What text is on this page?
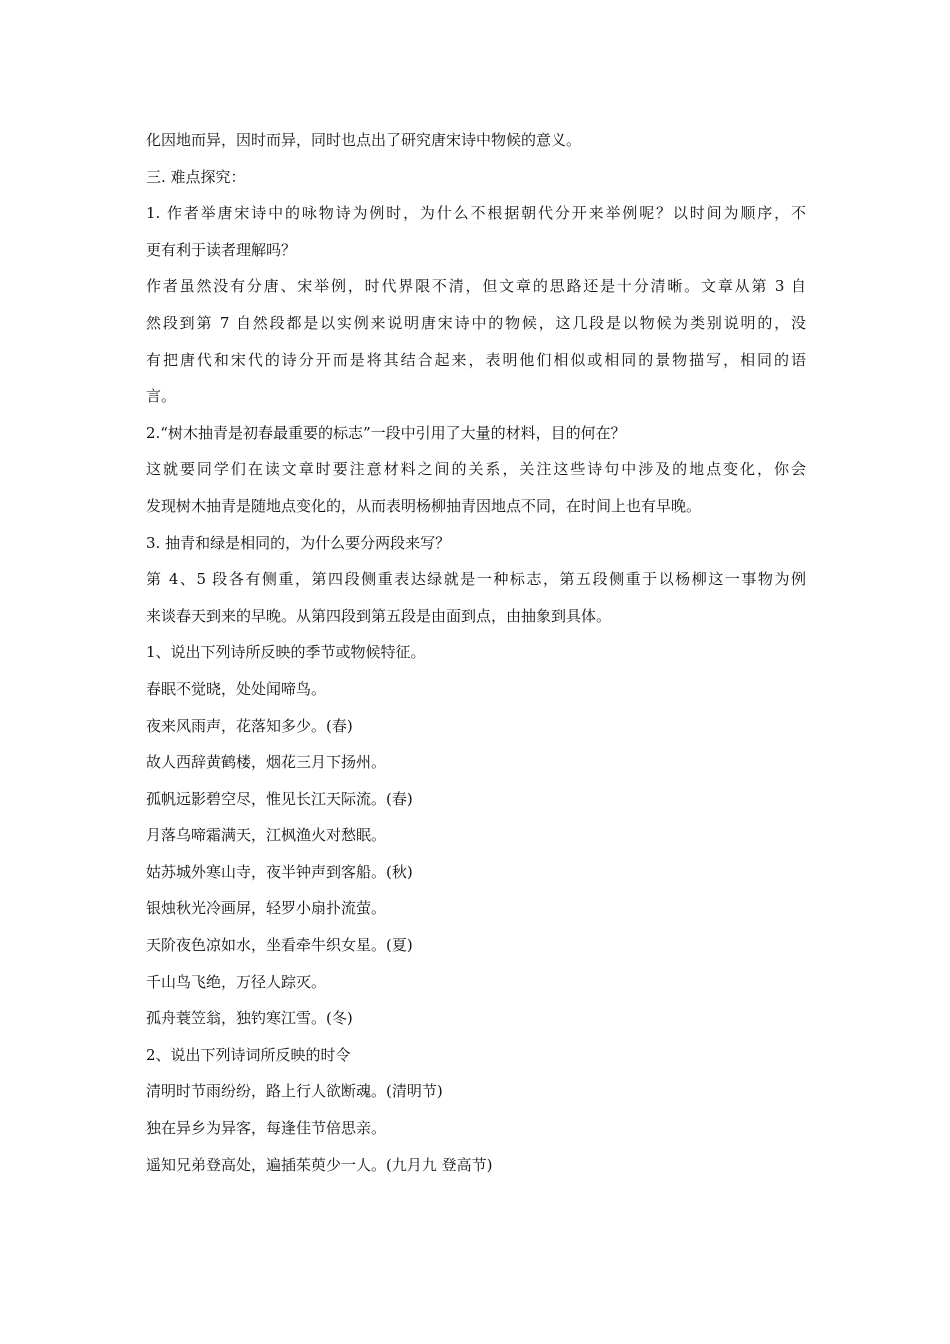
化因地而异，因时而异，同时也点出了研究唐宋诗中物候的意义。
三. 难点探究：
1. 作者举唐宋诗中的咏物诗为例时，为什么不根据朝代分开来举例呢？以时间为顺序，不
更有利于读者理解吗？
作者虽然没有分唐、宋举例，时代界限不清，但文章的思路还是十分清晰。文章从第 3 自
然段到第 7 自然段都是以实例来说明唐宋诗中的物候，这几段是以物候为类别说明的，没
有把唐代和宋代的诗分开而是将其结合起来，表明他们相似或相同的景物描写，相同的语
言。
2.“树木抽青是初春最重要的标志”一段中引用了大量的材料，目的何在？
这就要同学们在读文章时要注意材料之间的关系，关注这些诗句中涉及的地点变化，你会
发现树木抽青是随地点变化的，从而表明杨柳抽青因地点不同，在时间上也有早晚。
3. 抽青和绿是相同的，为什么要分两段来写？
第 4、5 段各有侧重，第四段侧重表达绿就是一种标志，第五段侧重于以杨柳这一事物为例
来谈春天到来的早晚。从第四段到第五段是由面到点，由抽象到具体。
1、说出下列诗所反映的季节或物候特征。
春眠不觉晓，处处闻啼鸟。
夜来风雨声，花落知多少。(春)
故人西辞黄鹤楼，烟花三月下扬州。
孤帆远影碧空尽，惟见长江天际流。(春)
月落乌啼霜满天，江枫渔火对愁眠。
姑苏城外寒山寺，夜半钟声到客船。(秋)
银烛秋光冷画屏，轻罗小扇扑流萤。
天阶夜色凉如水，坐看牵牛织女星。(夏)
千山鸟飞绝，万径人踪灭。
孤舟蓑笠翁，独钓寒江雪。(冬)
2、说出下列诗词所反映的时令
清明时节雨纷纷，路上行人欲断魂。(清明节)
独在异乡为异客，每逢佳节倍思亲。
遥知兄弟登高处，遍插茱萸少一人。(九月九 登高节)
